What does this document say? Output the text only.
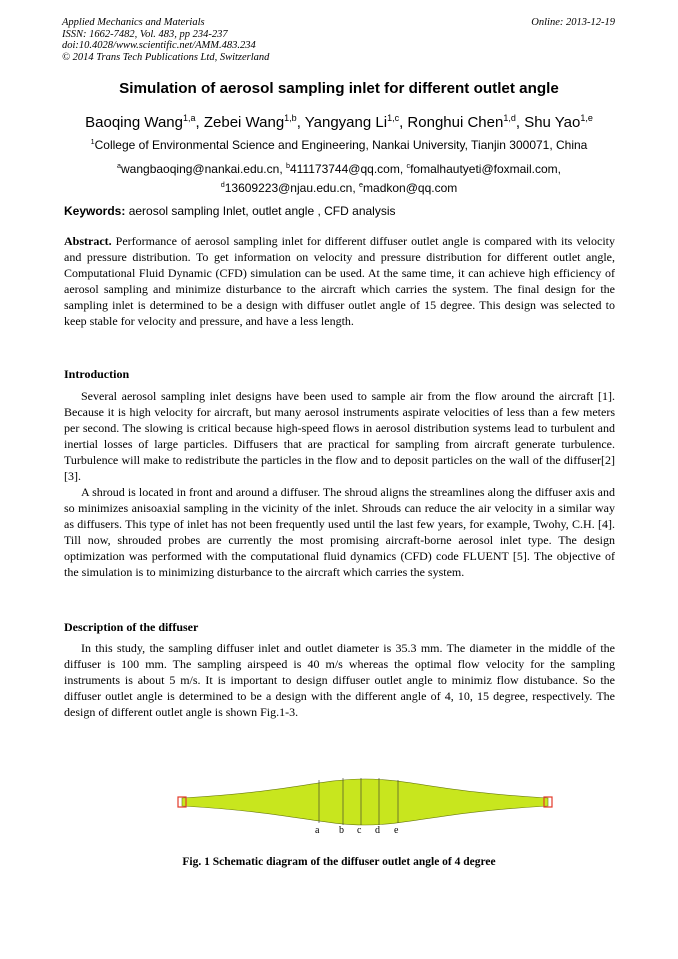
Applied Mechanics and Materials
ISSN: 1662-7482, Vol. 483, pp 234-237
doi:10.4028/www.scientific.net/AMM.483.234
© 2014 Trans Tech Publications Ltd, Switzerland
Online: 2013-12-19
Simulation of aerosol sampling inlet for different outlet angle
Baoqing Wang$^{1,a}$, Zebei Wang$^{1,b}$, Yangyang Li$^{1,c}$, Ronghui Chen$^{1,d}$, Shu Yao$^{1,e}$
$^1$College of Environmental Science and Engineering, Nankai University, Tianjin 300071, China
$^a$wangbaoqing@nankai.edu.cn, $^b$411173744@qq.com, $^c$fomalhautyeti@foxmail.com,
$^d$13609223@njau.edu.cn, $^e$madkon@qq.com
Keywords: aerosol sampling Inlet, outlet angle , CFD analysis
Abstract. Performance of aerosol sampling inlet for different diffuser outlet angle is compared with its velocity and pressure distribution. To get information on velocity and pressure distribution for different outlet angle, Computational Fluid Dynamic (CFD) simulation can be used. At the same time, it can achieve high efficiency of aerosol sampling and minimize disturbance to the aircraft which carries the system. The final design for the sampling inlet is determined to be a design with diffuser outlet angle of 15 degree. This design was selected to keep stable for velocity and pressure, and have a less length.
Introduction
Several aerosol sampling inlet designs have been used to sample air from the flow around the aircraft [1]. Because it is high velocity for aircraft, but many aerosol instruments aspirate velocities of less than a few meters per second. The slowing is critical because high-speed flows in aerosol distribution systems lead to turbulent and inertial losses of large particles. Diffusers that are practical for sampling from aircraft generate turbulence. Turbulence will make to redistribute the particles in the flow and to deposit particles on the wall of the diffuser[2] [3].
A shroud is located in front and around a diffuser. The shroud aligns the streamlines along the diffuser axis and so minimizes anisoaxial sampling in the vicinity of the inlet. Shrouds can reduce the air velocity in a similar way as diffusers. This type of inlet has not been frequently used until the last few years, for example, Twohy, C.H. [4]. Till now, shrouded probes are currently the most promising aircraft-borne aerosol inlet type. The design optimization was performed with the computational fluid dynamics (CFD) code FLUENT [5]. The objective of the simulation is to minimizing disturbance to the aircraft which carries the system.
Description of the diffuser
In this study, the sampling diffuser inlet and outlet diameter is 35.3 mm. The diameter in the middle of the diffuser is 100 mm. The sampling airspeed is 40 m/s whereas the optimal flow velocity for the sampling instruments is about 5 m/s. It is important to design diffuser outlet angle to minimiz flow distubance. So the diffuser outlet angle is determined to be a design with the different angle of 4, 10, 15 degree, respectively. The design of different outlet angle is shown Fig.1-3.
a b c d e
Fig. 1 Schematic diagram of the diffuser outlet angle of 4 degree
